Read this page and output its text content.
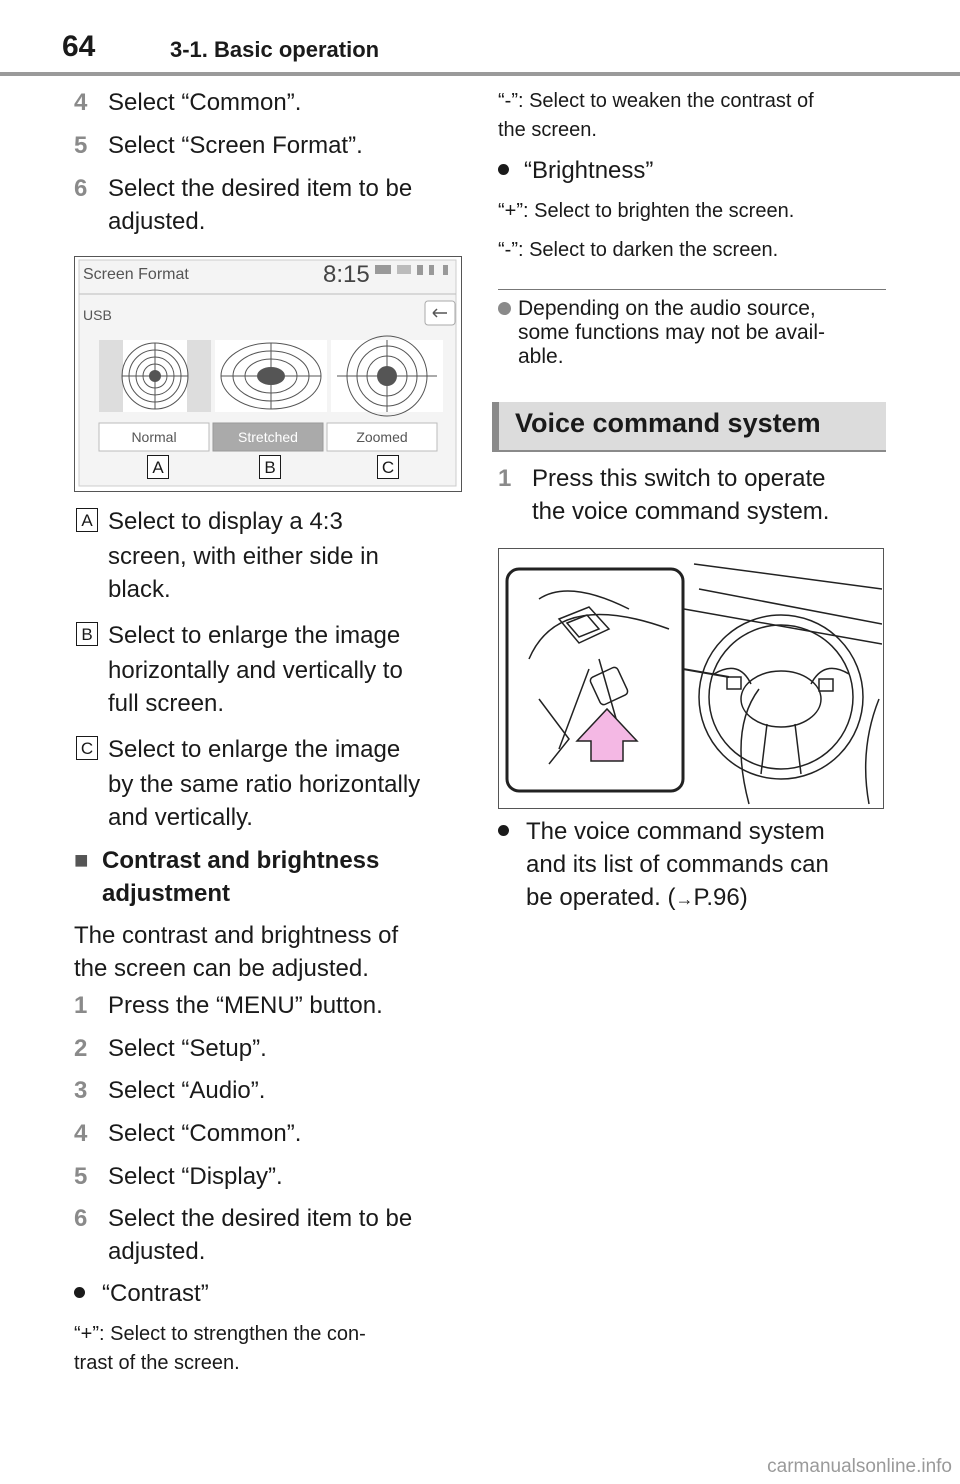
64	3-1. Basic operation
4 Select “Common”.
5 Select “Screen Format”.
6 Select the desired item to be
adjusted.
Screen Format	8:15
USB
Normal	Stretched	Zoomed
A	B	C
A Select to display a 4:3
screen, with either side in
black.
B Select to enlarge the image
horizontally and vertically to
full screen.
C Select to enlarge the image
by the same ratio horizontally
and vertically.
■ Contrast and brightness
adjustment
The contrast and brightness of
the screen can be adjusted.
1 Press the “MENU” button.
2 Select “Setup”.
3 Select “Audio”.
4 Select “Common”.
5 Select “Display”.
6 Select the desired item to be
adjusted.
“Contrast”
“+”: Select to strengthen the con-
trast of the screen.
“-”: Select to weaken the contrast of
the screen.
“Brightness”
“+”: Select to brighten the screen.
“-”: Select to darken the screen.
Depending on the audio source,
some functions may not be avail-
able.
Voice command system
1 Press this switch to operate
the voice command system.
The voice command system
and its list of commands can
be operated. (→P.96)
carmanualsonline.info
